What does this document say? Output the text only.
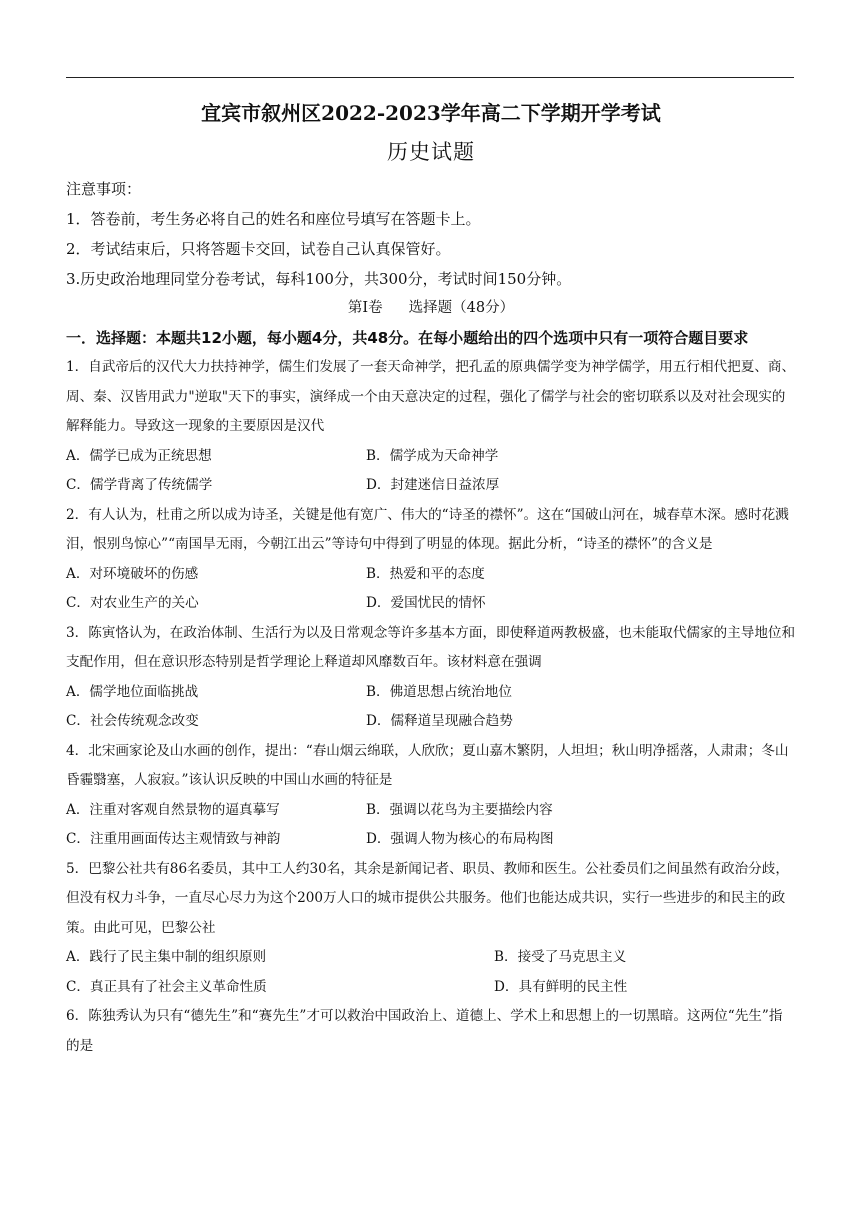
宜宾市叙州区2022-2023学年高二下学期开学考试

历史试题

注意事项：

1．答卷前，考生务必将自己的姓名和座位号填写在答题卡上。

2．考试结束后，只将答题卡交回，试卷自己认真保管好。

3.历史政治地理同堂分卷考试，每科100分，共300分，考试时间150分钟。

第I卷 选择题（48分）

一．选择题：本题共12小题，每小题4分，共48分。在每小题给出的四个选项中只有一项符合题目要求

1．自武帝后的汉代大力扶持神学，儒生们发展了一套天命神学，把孔孟的原典儒学变为神学儒学，用五行相代把夏、商、周、秦、汉皆用武力"逆取"天下的事实，演绎成一个由天意决定的过程，强化了儒学与社会的密切联系以及对社会现实的解释能力。导致这一现象的主要原因是汉代

A．儒学已成为正统思想	B．儒学成为天命神学
C．儒学背离了传统儒学	D．封建迷信日益浓厚

2．有人认为，杜甫之所以成为诗圣，关键是他有宽广、伟大的“诗圣的襟怀”。这在“国破山河在，城春草木深。感时花溅泪，恨别鸟惊心”“南国旱无雨，今朝江出云”等诗句中得到了明显的体现。据此分析，“诗圣的襟怀”的含义是

A．对环境破坏的伤感	B．热爱和平的态度
C．对农业生产的关心	D．爱国忧民的情怀

3．陈寅恪认为，在政治体制、生活行为以及日常观念等许多基本方面，即使释道两教极盛，也未能取代儒家的主导地位和支配作用，但在意识形态特别是哲学理论上释道却风靡数百年。该材料意在强调

A．儒学地位面临挑战	B．佛道思想占统治地位
C．社会传统观念改变	D．儒释道呈现融合趋势

4．北宋画家论及山水画的创作，提出：“春山烟云绵联，人欣欣；夏山嘉木繁阴，人坦坦；秋山明净摇落，人肃肃；冬山昏霾翳塞，人寂寂。”该认识反映的中国山水画的特征是

A．注重对客观自然景物的逼真摹写	B．强调以花鸟为主要描绘内容
C．注重用画面传达主观情致与神韵	D．强调人物为核心的布局构图

5．巴黎公社共有86名委员，其中工人约30名，其余是新闻记者、职员、教师和医生。公社委员们之间虽然有政治分歧，但没有权力斗争，一直尽心尽力为这个200万人口的城市提供公共服务。他们也能达成共识，实行一些进步的和民主的政策。由此可见，巴黎公社

A．践行了民主集中制的组织原则	B．接受了马克思主义
C．真正具有了社会主义革命性质	D．具有鲜明的民主性

6．陈独秀认为只有“德先生”和“赛先生”才可以救治中国政治上、道德上、学术上和思想上的一切黑暗。这两位“先生”指的是
